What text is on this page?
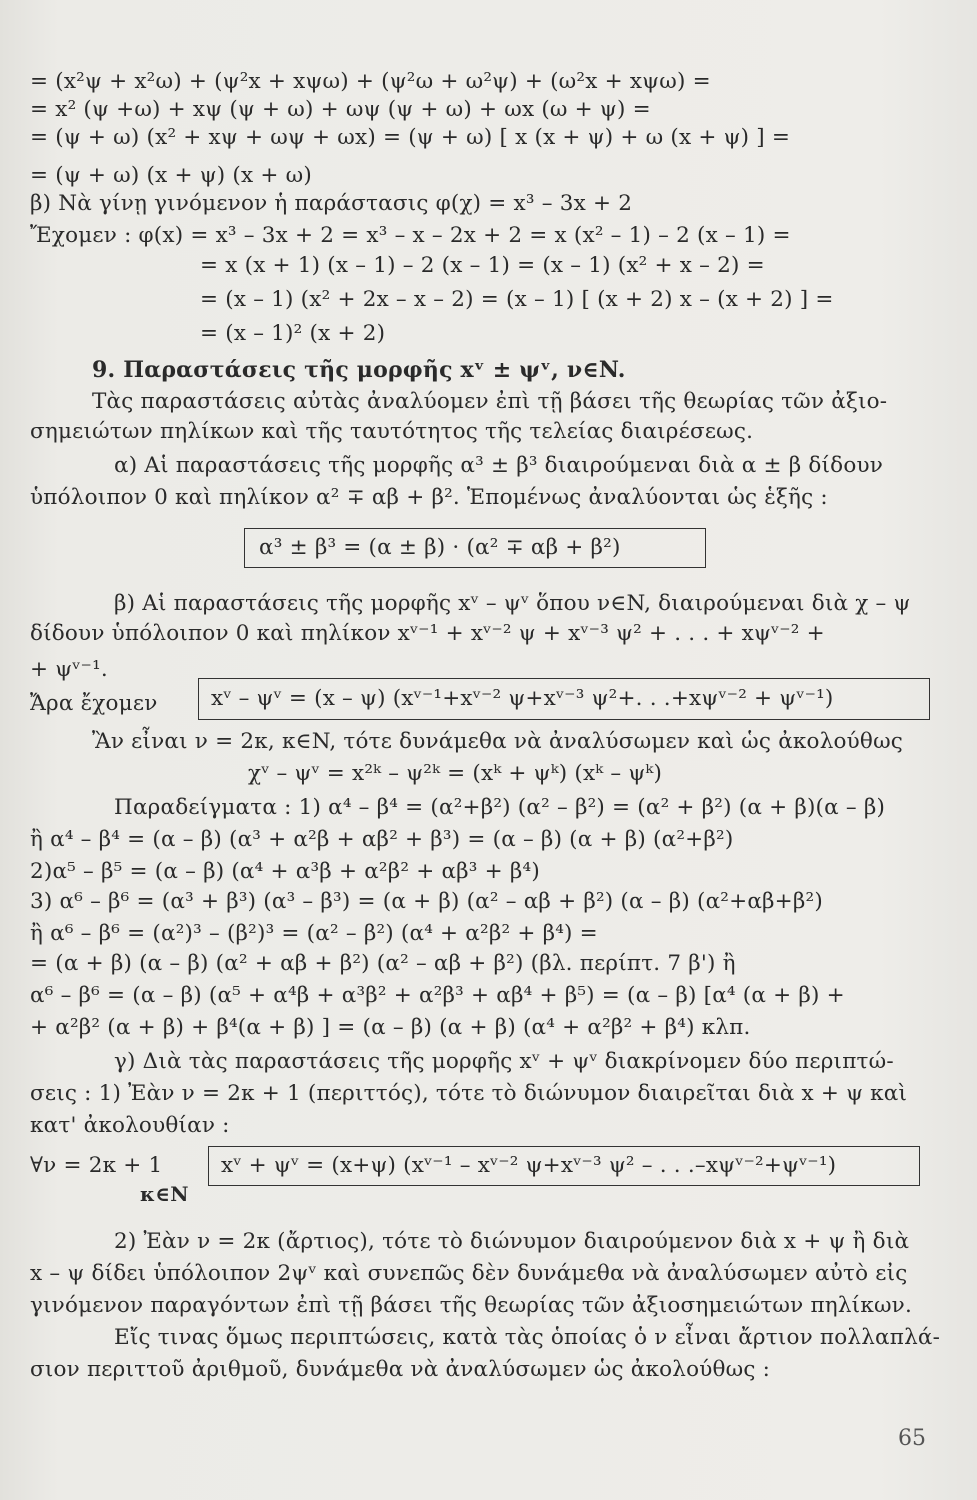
= (x²ψ + x²ω) + (ψ²x + xψω) + (ψ²ω + ω²ψ) + (ω²x + xψω) =
= x² (ψ +ω) + xψ (ψ + ω) + ωψ (ψ + ω) + ωx (ω + ψ) =
= (ψ + ω) (x² + xψ + ωψ + ωx) = (ψ + ω) [ x (x + ψ) + ω (x + ψ) ] =
= (ψ + ω) (x + ψ) (x + ω)
β) Νὰ γίνῃ γινόμενον ἡ παράστασις φ(χ) = x³ – 3x + 2
Ἔχομεν : φ(x) = x³ – 3x + 2 = x³ – x – 2x + 2 = x (x² – 1) – 2 (x – 1) =
= x (x + 1) (x – 1) – 2 (x – 1) = (x – 1) (x² + x – 2) =
= (x – 1) (x² + 2x – x – 2) = (x – 1) [ (x + 2) x – (x + 2) ] =
= (x – 1)² (x + 2)
9. Παραστάσεις τῆς μορφῆς xᵛ ± ψᵛ, ν∈N.
Τὰς παραστάσεις αὐτὰς ἀναλύομεν ἐπὶ τῇ βάσει τῆς θεωρίας τῶν ἀξιο-
σημειώτων πηλίκων καὶ τῆς ταυτότητος τῆς τελείας διαιρέσεως.
α) Αἱ παραστάσεις τῆς μορφῆς α³ ± β³ διαιρούμεναι διὰ α ± β δίδουν
ὑπόλοιπον 0 καὶ πηλίκον α² ∓ αβ + β². Ἑπομένως ἀναλύονται ὡς ἑξῆς :
α³ ± β³ = (α ± β) · (α² ∓ αβ + β²)
β) Αἱ παραστάσεις τῆς μορφῆς xᵛ – ψᵛ ὅπου ν∈N, διαιρούμεναι διὰ χ – ψ
δίδουν ὑπόλοιπον 0 καὶ πηλίκον xᵛ⁻¹ + xᵛ⁻² ψ + xᵛ⁻³ ψ² + . . . + xψᵛ⁻² +
+ ψᵛ⁻¹.
Ἄρα ἔχομεν xᵛ – ψᵛ = (x – ψ) (xᵛ⁻¹+xᵛ⁻² ψ+xᵛ⁻³ ψ²+. . .+xψᵛ⁻² + ψᵛ⁻¹)
Ἂν εἶναι ν = 2κ, κ∈N, τότε δυνάμεθα νὰ ἀναλύσωμεν καὶ ὡς ἀκολούθως
χᵛ – ψᵛ = x²ᵏ – ψ²ᵏ = (xᵏ + ψᵏ) (xᵏ – ψᵏ)
Παραδείγματα : 1) α⁴ – β⁴ = (α²+β²) (α² – β²) = (α² + β²) (α + β)(α – β)
ἢ α⁴ – β⁴ = (α – β) (α³ + α²β + αβ² + β³) = (α – β) (α + β) (α²+β²)
2)α⁵ – β⁵ = (α – β) (α⁴ + α³β + α²β² + αβ³ + β⁴)
3) α⁶ – β⁶ = (α³ + β³) (α³ – β³) = (α + β) (α² – αβ + β²) (α – β) (α²+αβ+β²)
ἢ α⁶ – β⁶ = (α²)³ – (β²)³ = (α² – β²) (α⁴ + α²β² + β⁴) =
= (α + β) (α – β) (α² + αβ + β²) (α² – αβ + β²) (βλ. περίπτ. 7 β') ἢ
α⁶ – β⁶ = (α – β) (α⁵ + α⁴β + α³β² + α²β³ + αβ⁴ + β⁵) = (α – β) [α⁴ (α + β) +
+ α²β² (α + β) + β⁴(α + β) ] = (α – β) (α + β) (α⁴ + α²β² + β⁴) κλπ.
γ) Διὰ τὰς παραστάσεις τῆς μορφῆς xᵛ + ψᵛ διακρίνομεν δύο περιπτώ-
σεις : 1) Ἐὰν ν = 2κ + 1 (περιττός), τότε τὸ διώνυμον διαιρεῖται διὰ x + ψ καὶ
κατ' ἀκολουθίαν :
∀ν = 2κ + 1
κ∈N
xᵛ + ψᵛ = (x+ψ) (xᵛ⁻¹ – xᵛ⁻² ψ+xᵛ⁻³ ψ² – . . .–xψᵛ⁻²+ψᵛ⁻¹)
2) Ἐὰν ν = 2κ (ἄρτιος), τότε τὸ διώνυμον διαιρούμενον διὰ x + ψ ἢ διὰ
x – ψ δίδει ὑπόλοιπον 2ψᵛ καὶ συνεπῶς δὲν δυνάμεθα νὰ ἀναλύσωμεν αὐτὸ εἰς
γινόμενον παραγόντων ἐπὶ τῇ βάσει τῆς θεωρίας τῶν ἀξιοσημειώτων πηλίκων.
Εἴς τινας ὅμως περιπτώσεις, κατὰ τὰς ὁποίας ὁ ν εἶναι ἄρτιον πολλαπλά-
σιον περιττοῦ ἀριθμοῦ, δυνάμεθα νὰ ἀναλύσωμεν ὡς ἀκολούθως :
65
